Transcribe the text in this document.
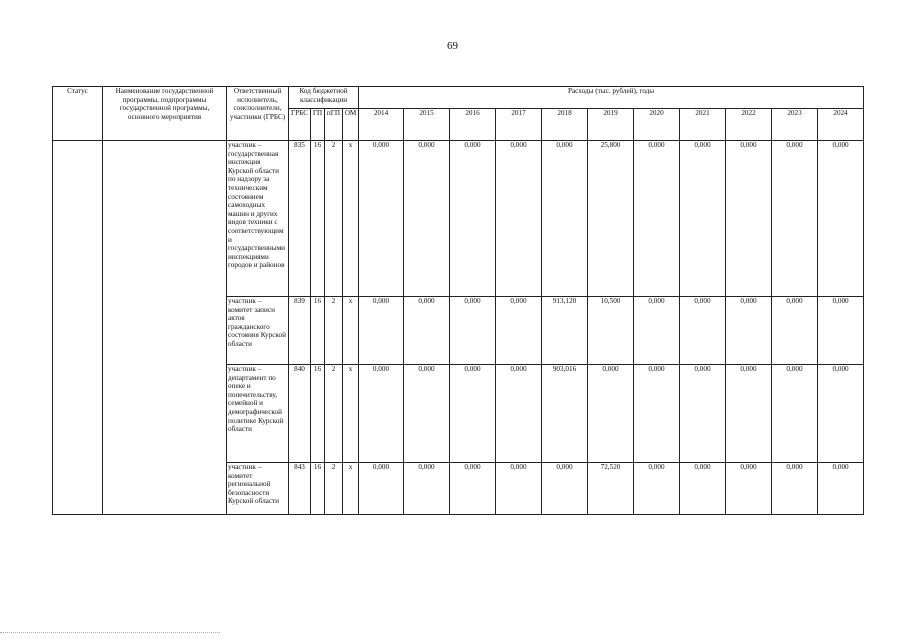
69
Статус	Наименование государственной программы, подпрограммы государственной программы, основного мероприятия	Ответственный исполнитель, соисполнители, участники (ГРБС)	Код бюджетной классификации				Расходы (тыс. рублей), годы										
			ГРБС	ГП	пГП	ОМ	2014	2015	2016	2017	2018	2019	2020	2021	2022	2023	2024
		участник – государственная инспекция Курской области по надзору за техническим состоянием самоходных машин и других видов техники с соответствующими государственными инспекциями городов и районов	835	16	2	х	0,000	0,000	0,000	0,000	0,000	25,800	0,000	0,000	0,000	0,000	0,000
		участник – комитет записи актов гражданского состояния Курской области	839	16	2	х	0,000	0,000	0,000	0,000	913,120	10,500	0,000	0,000	0,000	0,000	0,000
		участник – департамент по опеке и попечительству, семейной и демографической политике Курской области	840	16	2	х	0,000	0,000	0,000	0,000	903,016	0,000	0,000	0,000	0,000	0,000	0,000
		участник – комитет региональной безопасности Курской области	843	16	2	х	0,000	0,000	0,000	0,000	0,000	72,520	0,000	0,000	0,000	0,000	0,000
